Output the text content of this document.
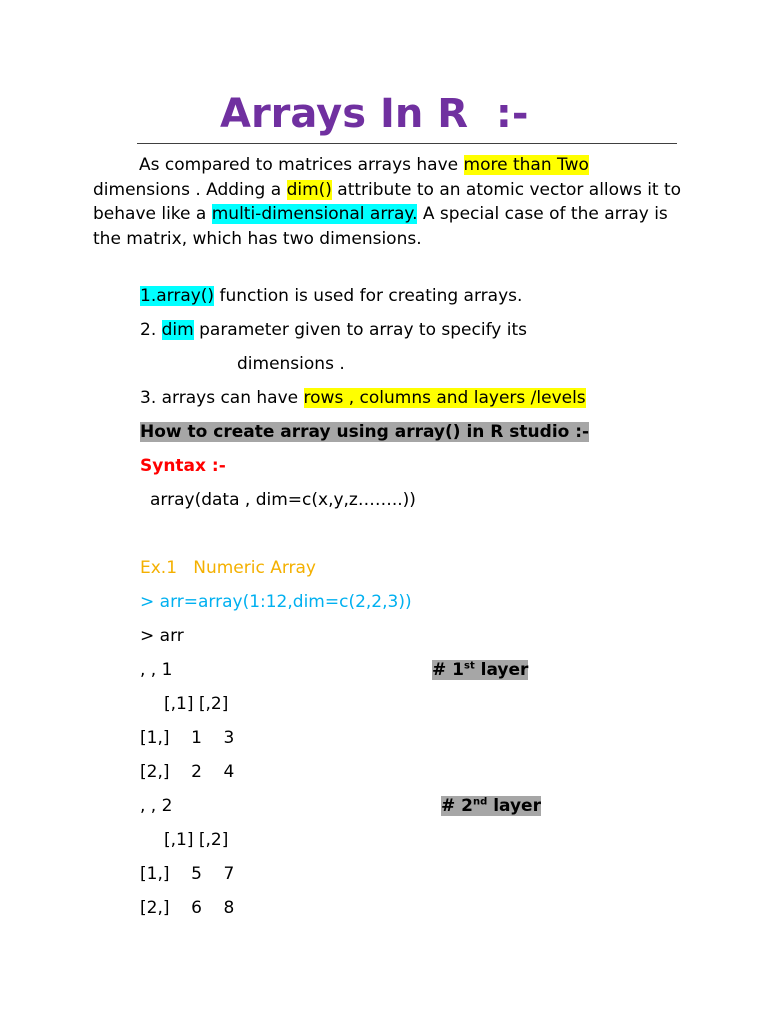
Arrays In R  :-

As compared to matrices arrays have more than Two dimensions . Adding a dim() attribute to an atomic vector allows it to behave like a multi-dimensional array. A special case of the array is the matrix, which has two dimensions.

1.array() function is used for creating arrays.

2. dim parameter given to array to specify its

dimensions .

3. arrays can have rows , columns and layers /levels

How to create array using array() in R studio :-

Syntax :-

array(data , dim=c(x,y,z……..))

Ex.1   Numeric Array

> arr=array(1:12,dim=c(2,2,3))

> arr

, , 1	# 1st layer

[,1] [,2]

[1,]    1    3

[2,]    2    4

, , 2	# 2nd layer

[,1] [,2]

[1,]    5    7

[2,]    6    8
